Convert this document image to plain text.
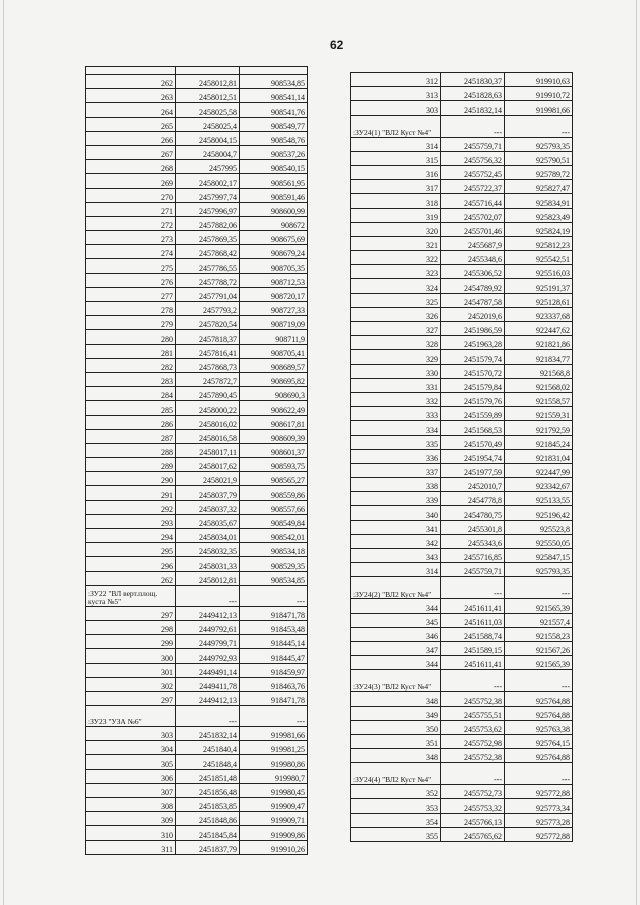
62

262	2458012,81	908534,85
263	2458012,51	908541,14
264	2458025,58	908541,76
265	2458025,4	908549,77
266	2458004,15	908548,76
267	2458004,7	908537,26
268	2457995	908540,15
269	2458002,17	908561,95
270	2457997,74	908591,46
271	2457996,97	908600,99
272	2457882,06	908672
273	2457869,35	908675,69
274	2457868,42	908679,24
275	2457786,55	908705,35
276	2457788,72	908712,53
277	2457791,04	908720,17
278	2457793,2	908727,33
279	2457820,54	908719,09
280	2457818,37	908711,9
281	2457816,41	908705,41
282	2457868,73	908689,57
283	2457872,7	908695,82
284	2457890,45	908690,3
285	2458000,22	908622,49
286	2458016,02	908617,81
287	2458016,58	908609,39
288	2458017,11	908601,37
289	2458017,62	908593,75
290	2458021,9	908565,27
291	2458037,79	908559,86
292	2458037,32	908557,66
293	2458035,67	908549,84
294	2458034,01	908542,01
295	2458032,35	908534,18
296	2458031,33	908529,35
262	2458012,81	908534,85
:ЗУ22 "ВЛ верт.площ. куста №5"	---	---
297	2449412,13	918471,78
298	2449792,61	918453,48
299	2449799,71	918445,14
300	2449792,93	918445,47
301	2449491,14	918459,97
302	2449411,78	918463,76
297	2449412,13	918471,78
:ЗУ23 "УЗА №6"	---	---
303	2451832,14	919981,66
304	2451840,4	919981,25
305	2451848,4	919980,86
306	2451851,48	919980,7
307	2451856,48	919980,45
308	2451853,85	919909,47
309	2451848,86	919909,71
310	2451845,84	919909,86
311	2451837,79	919910,26
312	2451830,37	919910,63
313	2451828,63	919910,72
303	2451832,14	919981,66
:ЗУ24(1) "ВЛ2 Куст №4"	---	---
314	2455759,71	925793,35
315	2455756,32	925790,51
316	2455752,45	925789,72
317	2455722,37	925827,47
318	2455716,44	925834,91
319	2455702,07	925823,49
320	2455701,46	925824,19
321	2455687,9	925812,23
322	2455348,6	925542,51
323	2455306,52	925516,03
324	2454789,92	925191,37
325	2454787,58	925128,61
326	2452019,6	923337,68
327	2451986,59	922447,62
328	2451963,28	921821,86
329	2451579,74	921834,77
330	2451570,72	921568,8
331	2451579,84	921568,02
332	2451579,76	921558,57
333	2451559,89	921559,31
334	2451568,53	921792,59
335	2451570,49	921845,24
336	2451954,74	921831,04
337	2451977,59	922447,99
338	2452010,7	923342,67
339	2454778,8	925133,55
340	2454780,75	925196,42
341	2455301,8	925523,8
342	2455343,6	925550,05
343	2455716,85	925847,15
314	2455759,71	925793,35
:ЗУ24(2) "ВЛ2 Куст №4"	---	---
344	2451611,41	921565,39
345	2451611,03	921557,4
346	2451588,74	921558,23
347	2451589,15	921567,26
344	2451611,41	921565,39
:ЗУ24(3) "ВЛ2 Куст №4"	---	---
348	2455752,38	925764,88
349	2455755,51	925764,88
350	2455753,62	925763,38
351	2455752,98	925764,15
348	2455752,38	925764,88
:ЗУ24(4) "ВЛ2 Куст №4"	---	---
352	2455752,73	925772,88
353	2455753,32	925773,34
354	2455766,13	925773,28
355	2455765,62	925772,88
